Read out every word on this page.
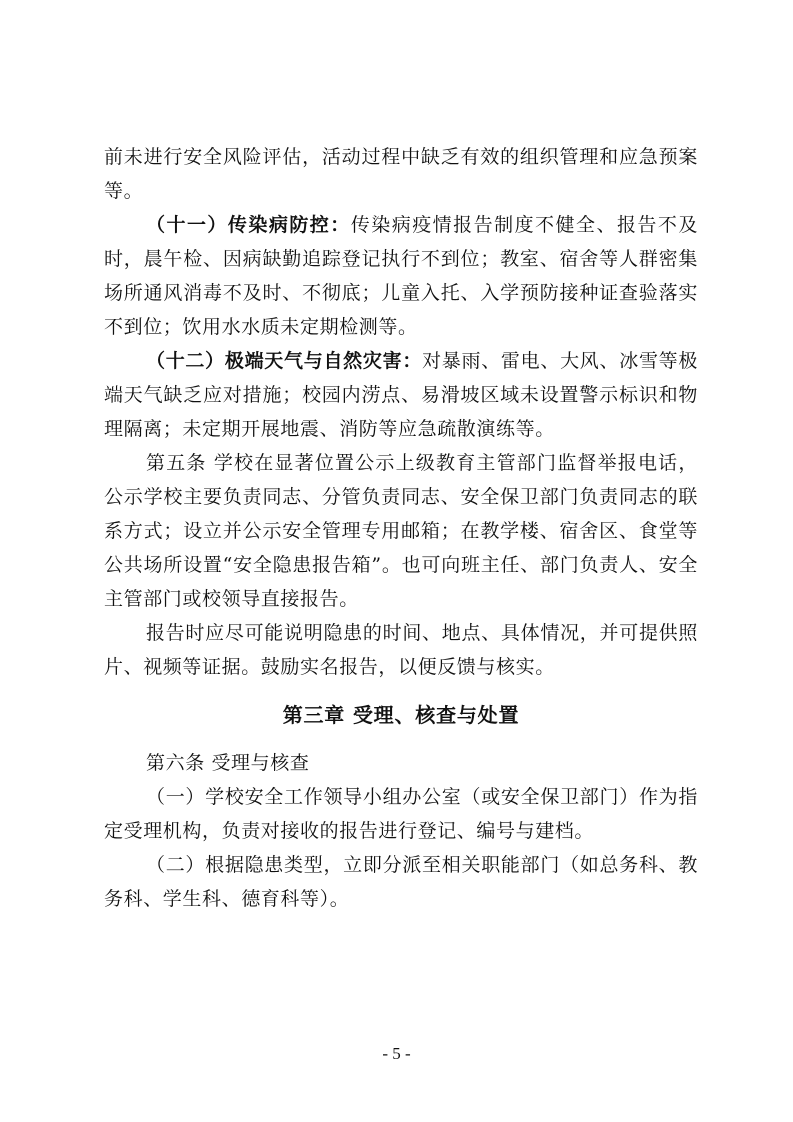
前未进行安全风险评估，活动过程中缺乏有效的组织管理和应急预案等。

（十一）传染病防控：传染病疫情报告制度不健全、报告不及时，晨午检、因病缺勤追踪登记执行不到位；教室、宿舍等人群密集场所通风消毒不及时、不彻底；儿童入托、入学预防接种证查验落实不到位；饮用水水质未定期检测等。

（十二）极端天气与自然灾害：对暴雨、雷电、大风、冰雪等极端天气缺乏应对措施；校园内涝点、易滑坡区域未设置警示标识和物理隔离；未定期开展地震、消防等应急疏散演练等。

第五条 学校在显著位置公示上级教育主管部门监督举报电话，公示学校主要负责同志、分管负责同志、安全保卫部门负责同志的联系方式；设立并公示安全管理专用邮箱；在教学楼、宿舍区、食堂等公共场所设置“安全隐患报告箱”。也可向班主任、部门负责人、安全主管部门或校领导直接报告。

报告时应尽可能说明隐患的时间、地点、具体情况，并可提供照片、视频等证据。鼓励实名报告，以便反馈与核实。

第三章 受理、核查与处置

第六条 受理与核查

（一）学校安全工作领导小组办公室（或安全保卫部门）作为指定受理机构，负责对接收的报告进行登记、编号与建档。

（二）根据隐患类型，立即分派至相关职能部门（如总务科、教务科、学生科、德育科等）。

- 5 -
